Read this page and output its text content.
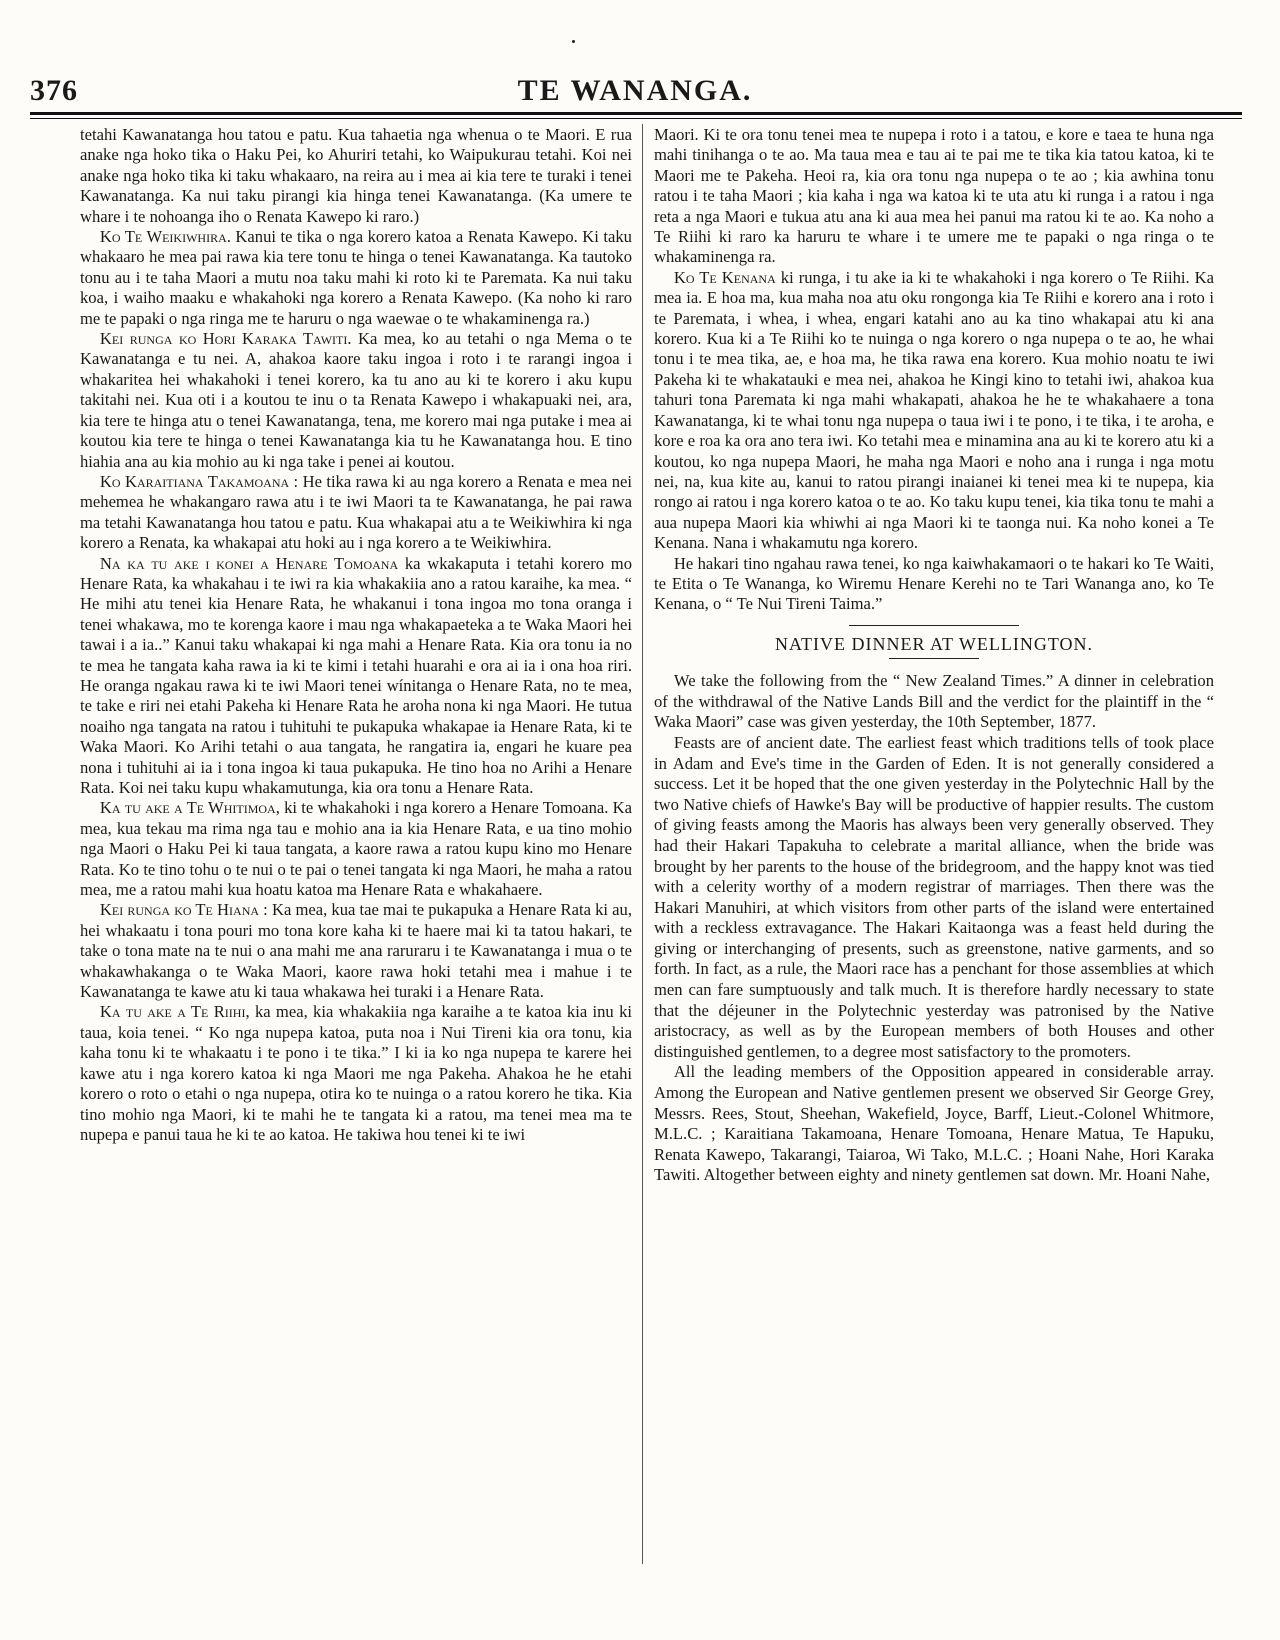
376	TE WANANGA.

tetahi Kawanatanga hou tatou e patu. Kua tahaetia nga whenua o te Maori. E rua anake nga hoko tika o Haku Pei, ko Ahuriri tetahi, ko Waipukurau tetahi. Koi nei anake nga hoko tika ki taku whakaaro, na reira au i mea ai kia tere te turaki i tenei Kawanatanga. Ka nui taku pirangi kia hinga tenei Kawanatanga. (Ka umere te whare i te nohoanga iho o Renata Kawepo ki raro.)

Ko Te Weikiwhira. Kanui te tika o nga korero katoa a Renata Kawepo. Ki taku whakaaro he mea pai rawa kia tere tonu te hinga o tenei Kawanatanga. Ka tautoko tonu au i te taha Maori a mutu noa taku mahi ki roto ki te Paremata. Ka nui taku koa, i waiho maaku e whakahoki nga korero a Renata Kawepo. (Ka noho ki raro me te papaki o nga ringa me te haruru o nga waewae o te whakaminenga ra.)

Kei runga ko Hori Karaka Tawiti. Ka mea, ko au tetahi o nga Mema o te Kawanatanga e tu nei. A, ahakoa kaore taku ingoa i roto i te rarangi ingoa i whakaritea hei whakahoki i tenei korero, ka tu ano au ki te korero i aku kupu takitahi nei. Kua oti i a koutou te inu o ta Renata Kawepo i whakapuaki nei, ara, kia tere te hinga atu o tenei Kawanatanga, tena, me korero mai nga putake i mea ai koutou kia tere te hinga o tenei Kawanatanga kia tu he Kawanatanga hou. E tino hiahia ana au kia mohio au ki nga take i penei ai koutou.

Ko Karaitiana Takamoana : He tika rawa ki au nga korero a Renata e mea nei mehemea he whakangaro rawa atu i te iwi Maori ta te Kawanatanga, he pai rawa ma tetahi Kawanatanga hou tatou e patu. Kua whakapai atu a te Weikiwhira ki nga korero a Renata, ka whakapai atu hoki au i nga korero a te Weikiwhira.

Na ka tu ake i konei a Henare Tomoana ka wkakaputa i tetahi korero mo Henare Rata, ka whakahau i te iwi ra kia whakakiia ano a ratou karaihe, ka mea. “ He mihi atu tenei kia Henare Rata, he whakanui i tona ingoa mo tona oranga i tenei whakawa, mo te korenga kaore i mau nga whakapaeteka a te Waka Maori hei tawai i a ia..” Kanui taku whakapai ki nga mahi a Henare Rata. Kia ora tonu ia no te mea he tangata kaha rawa ia ki te kimi i tetahi huarahi e ora ai ia i ona hoa riri. He oranga ngakau rawa ki te iwi Maori tenei wínitanga o Henare Rata, no te mea, te take e riri nei etahi Pakeha ki Henare Rata he aroha nona ki nga Maori. He tutua noaiho nga tangata na ratou i tuhituhi te pukapuka whakapae ia Henare Rata, ki te Waka Maori. Ko Arihi tetahi o aua tangata, he rangatira ia, engari he kuare pea nona i tuhituhi ai ia i tona ingoa ki taua pukapuka. He tino hoa no Arihi a Henare Rata. Koi nei taku kupu whakamutunga, kia ora tonu a Henare Rata.

Ka tu ake a Te Whitimoa, ki te whakahoki i nga korero a Henare Tomoana. Ka mea, kua tekau ma rima nga tau e mohio ana ia kia Henare Rata, e ua tino mohio nga Maori o Haku Pei ki taua tangata, a kaore rawa a ratou kupu kino mo Henare Rata. Ko te tino tohu o te nui o te pai o tenei tangata ki nga Maori, he maha a ratou mea, me a ratou mahi kua hoatu katoa ma Henare Rata e whakahaere.

Kei runga ko Te Hiana : Ka mea, kua tae mai te pukapuka a Henare Rata ki au, hei whakaatu i tona pouri mo tona kore kaha ki te haere mai ki ta tatou hakari, te take o tona mate na te nui o ana mahi me ana raruraru i te Kawanatanga i mua o te whakawhakanga o te Waka Maori, kaore rawa hoki tetahi mea i mahue i te Kawanatanga te kawe atu ki taua whakawa hei turaki i a Henare Rata.

Ka tu ake a Te Riihi, ka mea, kia whakakiia nga karaihe a te katoa kia inu ki taua, koia tenei. “ Ko nga nupepa katoa, puta noa i Nui Tireni kia ora tonu, kia kaha tonu ki te whakaatu i te pono i te tika.” I ki ia ko nga nupepa te karere hei kawe atu i nga korero katoa ki nga Maori me nga Pakeha. Ahakoa he he etahi korero o roto o etahi o nga nupepa, otira ko te nuinga o a ratou korero he tika. Kia tino mohio nga Maori, ki te mahi he te tangata ki a ratou, ma tenei mea ma te nupepa e panui taua he ki te ao katoa. He takiwa hou tenei ki te iwi

Maori. Ki te ora tonu tenei mea te nupepa i roto i a tatou, e kore e taea te huna nga mahi tinihanga o te ao. Ma taua mea e tau ai te pai me te tika kia tatou katoa, ki te Maori me te Pakeha. Heoi ra, kia ora tonu nga nupepa o te ao ; kia awhina tonu ratou i te taha Maori ; kia kaha i nga wa katoa ki te uta atu ki runga i a ratou i nga reta a nga Maori e tukua atu ana ki aua mea hei panui ma ratou ki te ao. Ka noho a Te Riihi ki raro ka haruru te whare i te umere me te papaki o nga ringa o te whakaminenga ra.

Ko Te Kenana ki runga, i tu ake ia ki te whakahoki i nga korero o Te Riihi. Ka mea ia. E hoa ma, kua maha noa atu oku rongonga kia Te Riihi e korero ana i roto i te Paremata, i whea, i whea, engari katahi ano au ka tino whakapai atu ki ana korero. Kua ki a Te Riihi ko te nuinga o nga korero o nga nupepa o te ao, he whai tonu i te mea tika, ae, e hoa ma, he tika rawa ena korero. Kua mohio noatu te iwi Pakeha ki te whakatauki e mea nei, ahakoa he Kingi kino to tetahi iwi, ahakoa kua tahuri tona Paremata ki nga mahi whakapati, ahakoa he he te whakahaere a tona Kawanatanga, ki te whai tonu nga nupepa o taua iwi i te pono, i te tika, i te aroha, e kore e roa ka ora ano tera iwi. Ko tetahi mea e minamina ana au ki te korero atu ki a koutou, ko nga nupepa Maori, he maha nga Maori e noho ana i runga i nga motu nei, na, kua kite au, kanui to ratou pirangi inaianei ki tenei mea ki te nupepa, kia rongo ai ratou i nga korero katoa o te ao. Ko taku kupu tenei, kia tika tonu te mahi a aua nupepa Maori kia whiwhi ai nga Maori ki te taonga nui. Ka noho konei a Te Kenana. Nana i whakamutu nga korero.

He hakari tino ngahau rawa tenei, ko nga kaiwhakamaori o te hakari ko Te Waiti, te Etita o Te Wananga, ko Wiremu Henare Kerehi no te Tari Wananga ano, ko Te Kenana, o “ Te Nui Tireni Taima.”

NATIVE DINNER AT WELLINGTON.

We take the following from the “ New Zealand Times.” A dinner in celebration of the withdrawal of the Native Lands Bill and the verdict for the plaintiff in the “ Waka Maori” case was given yesterday, the 10th September, 1877.

Feasts are of ancient date. The earliest feast which traditions tells of took place in Adam and Eve's time in the Garden of Eden. It is not generally considered a success. Let it be hoped that the one given yesterday in the Polytechnic Hall by the two Native chiefs of Hawke's Bay will be productive of happier results. The custom of giving feasts among the Maoris has always been very generally observed. They had their Hakari Tapakuha to celebrate a marital alliance, when the bride was brought by her parents to the house of the bridegroom, and the happy knot was tied with a celerity worthy of a modern registrar of marriages. Then there was the Hakari Manuhiri, at which visitors from other parts of the island were entertained with a reckless extravagance. The Hakari Kaitaonga was a feast held during the giving or interchanging of presents, such as greenstone, native garments, and so forth. In fact, as a rule, the Maori race has a penchant for those assemblies at which men can fare sumptuously and talk much. It is therefore hardly necessary to state that the déjeuner in the Polytechnic yesterday was patronised by the Native aristocracy, as well as by the European members of both Houses and other distinguished gentlemen, to a degree most satisfactory to the promoters.

All the leading members of the Opposition appeared in considerable array. Among the European and Native gentlemen present we observed Sir George Grey, Messrs. Rees, Stout, Sheehan, Wakefield, Joyce, Barff, Lieut.-Colonel Whitmore, M.L.C. ; Karaitiana Takamoana, Henare Tomoana, Henare Matua, Te Hapuku, Renata Kawepo, Takarangi, Taiaroa, Wi Tako, M.L.C. ; Hoani Nahe, Hori Karaka Tawiti. Altogether between eighty and ninety gentlemen sat down. Mr. Hoani Nahe,
